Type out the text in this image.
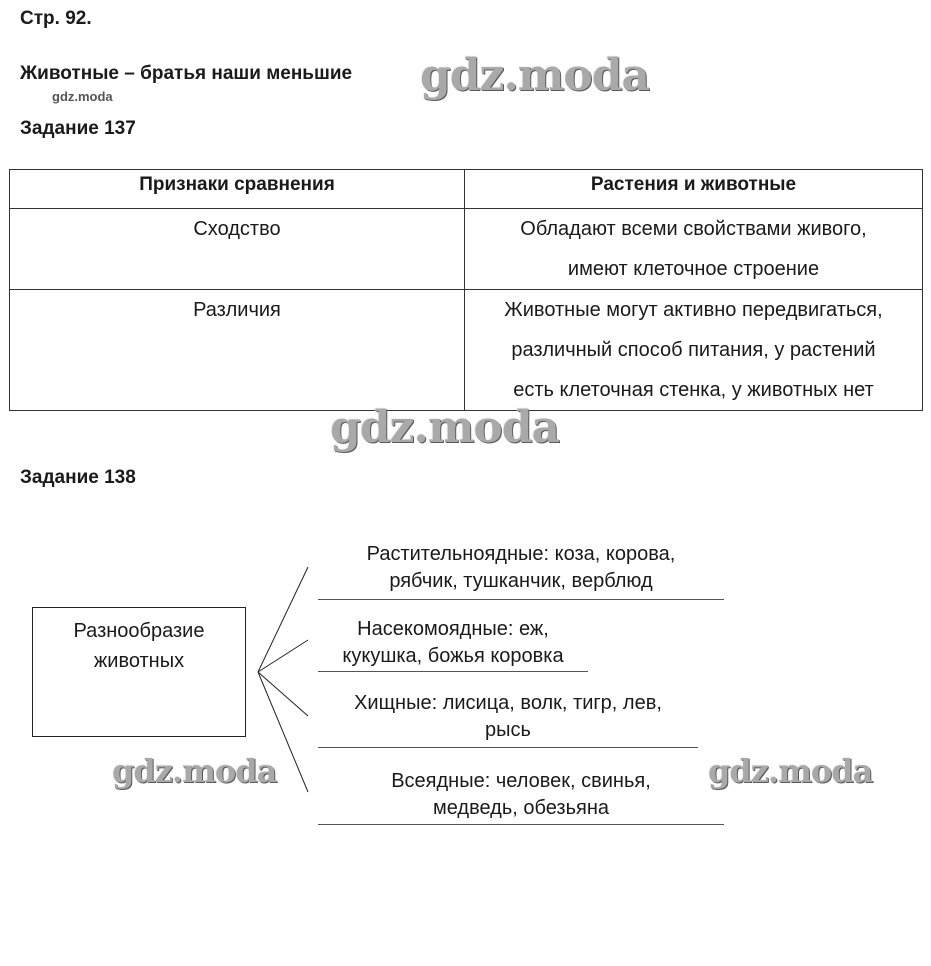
Стр. 92.
Животные – братья наши меньшие gdz.moda
gdz.moda
Задание 137
Признаки сравнения	Растения и животные
Сходство	Обладают всеми свойствами живого,
имеют клеточное строение

Различия	Животные могут активно передвигаться,
различный способ питания, у растений
есть клеточная стенка, у животных нет
gdz.moda
Задание 138
Разнообразие
животных
Растительноядные: коза, корова,
рябчик, тушканчик, верблюд
Насекомоядные: еж,
кукушка, божья коровка
Хищные: лисица, волк, тигр, лев,
рысь
Всеядные: человек, свинья,
медведь, обезьяна
gdz.moda	gdz.moda
